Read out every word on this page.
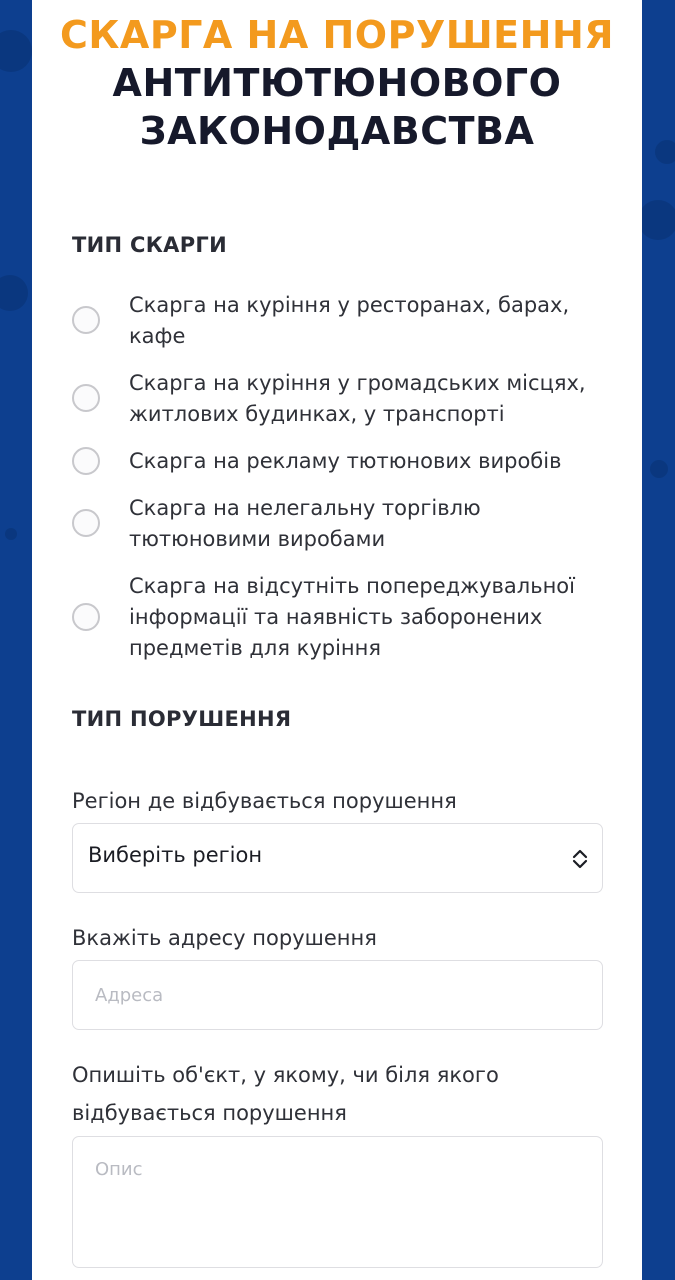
СКАРГА НА ПОРУШЕННЯ
АНТИТЮТЮНОВОГО
ЗАКОНОДАВСТВА
ТИП СКАРГИ
Скарга на куріння у ресторанах, барах,
кафе
Скарга на куріння у громадських місцях,
житлових будинках, у транспорті
Скарга на рекламу тютюнових виробів
Скарга на нелегальну торгівлю
тютюновими виробами
Скарга на відсутніть попереджувальної
інформації та наявність заборонених
предметів для куріння
ТИП ПОРУШЕННЯ
Регіон де відбувається порушення
Виберіть регіон
Вкажіть адресу порушення
Адреса
Опишіть об'єкт, у якому, чи біля якого
відбувається порушення
Опис
